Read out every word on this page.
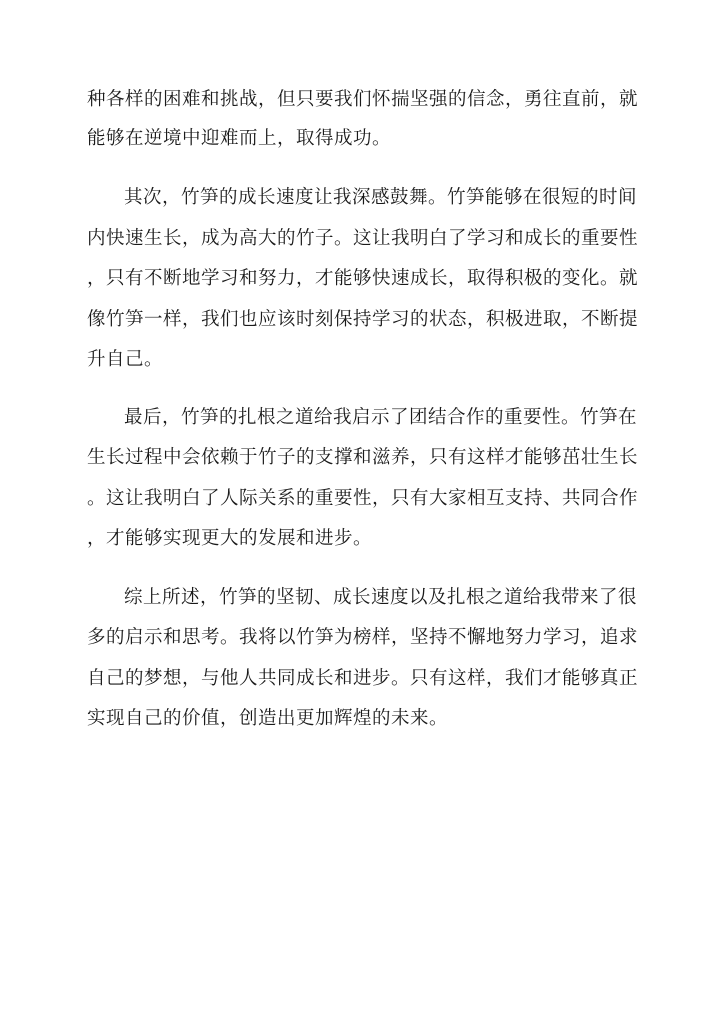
种各样的困难和挑战，但只要我们怀揣坚强的信念，勇往直前，就
能够在逆境中迎难而上，取得成功。
其次，竹笋的成长速度让我深感鼓舞。竹笋能够在很短的时间
内快速生长，成为高大的竹子。这让我明白了学习和成长的重要性
，只有不断地学习和努力，才能够快速成长，取得积极的变化。就
像竹笋一样，我们也应该时刻保持学习的状态，积极进取，不断提
升自己。
最后，竹笋的扎根之道给我启示了团结合作的重要性。竹笋在
生长过程中会依赖于竹子的支撑和滋养，只有这样才能够茁壮生长
。这让我明白了人际关系的重要性，只有大家相互支持、共同合作
，才能够实现更大的发展和进步。
综上所述，竹笋的坚韧、成长速度以及扎根之道给我带来了很
多的启示和思考。我将以竹笋为榜样，坚持不懈地努力学习，追求
自己的梦想，与他人共同成长和进步。只有这样，我们才能够真正
实现自己的价值，创造出更加辉煌的未来。
